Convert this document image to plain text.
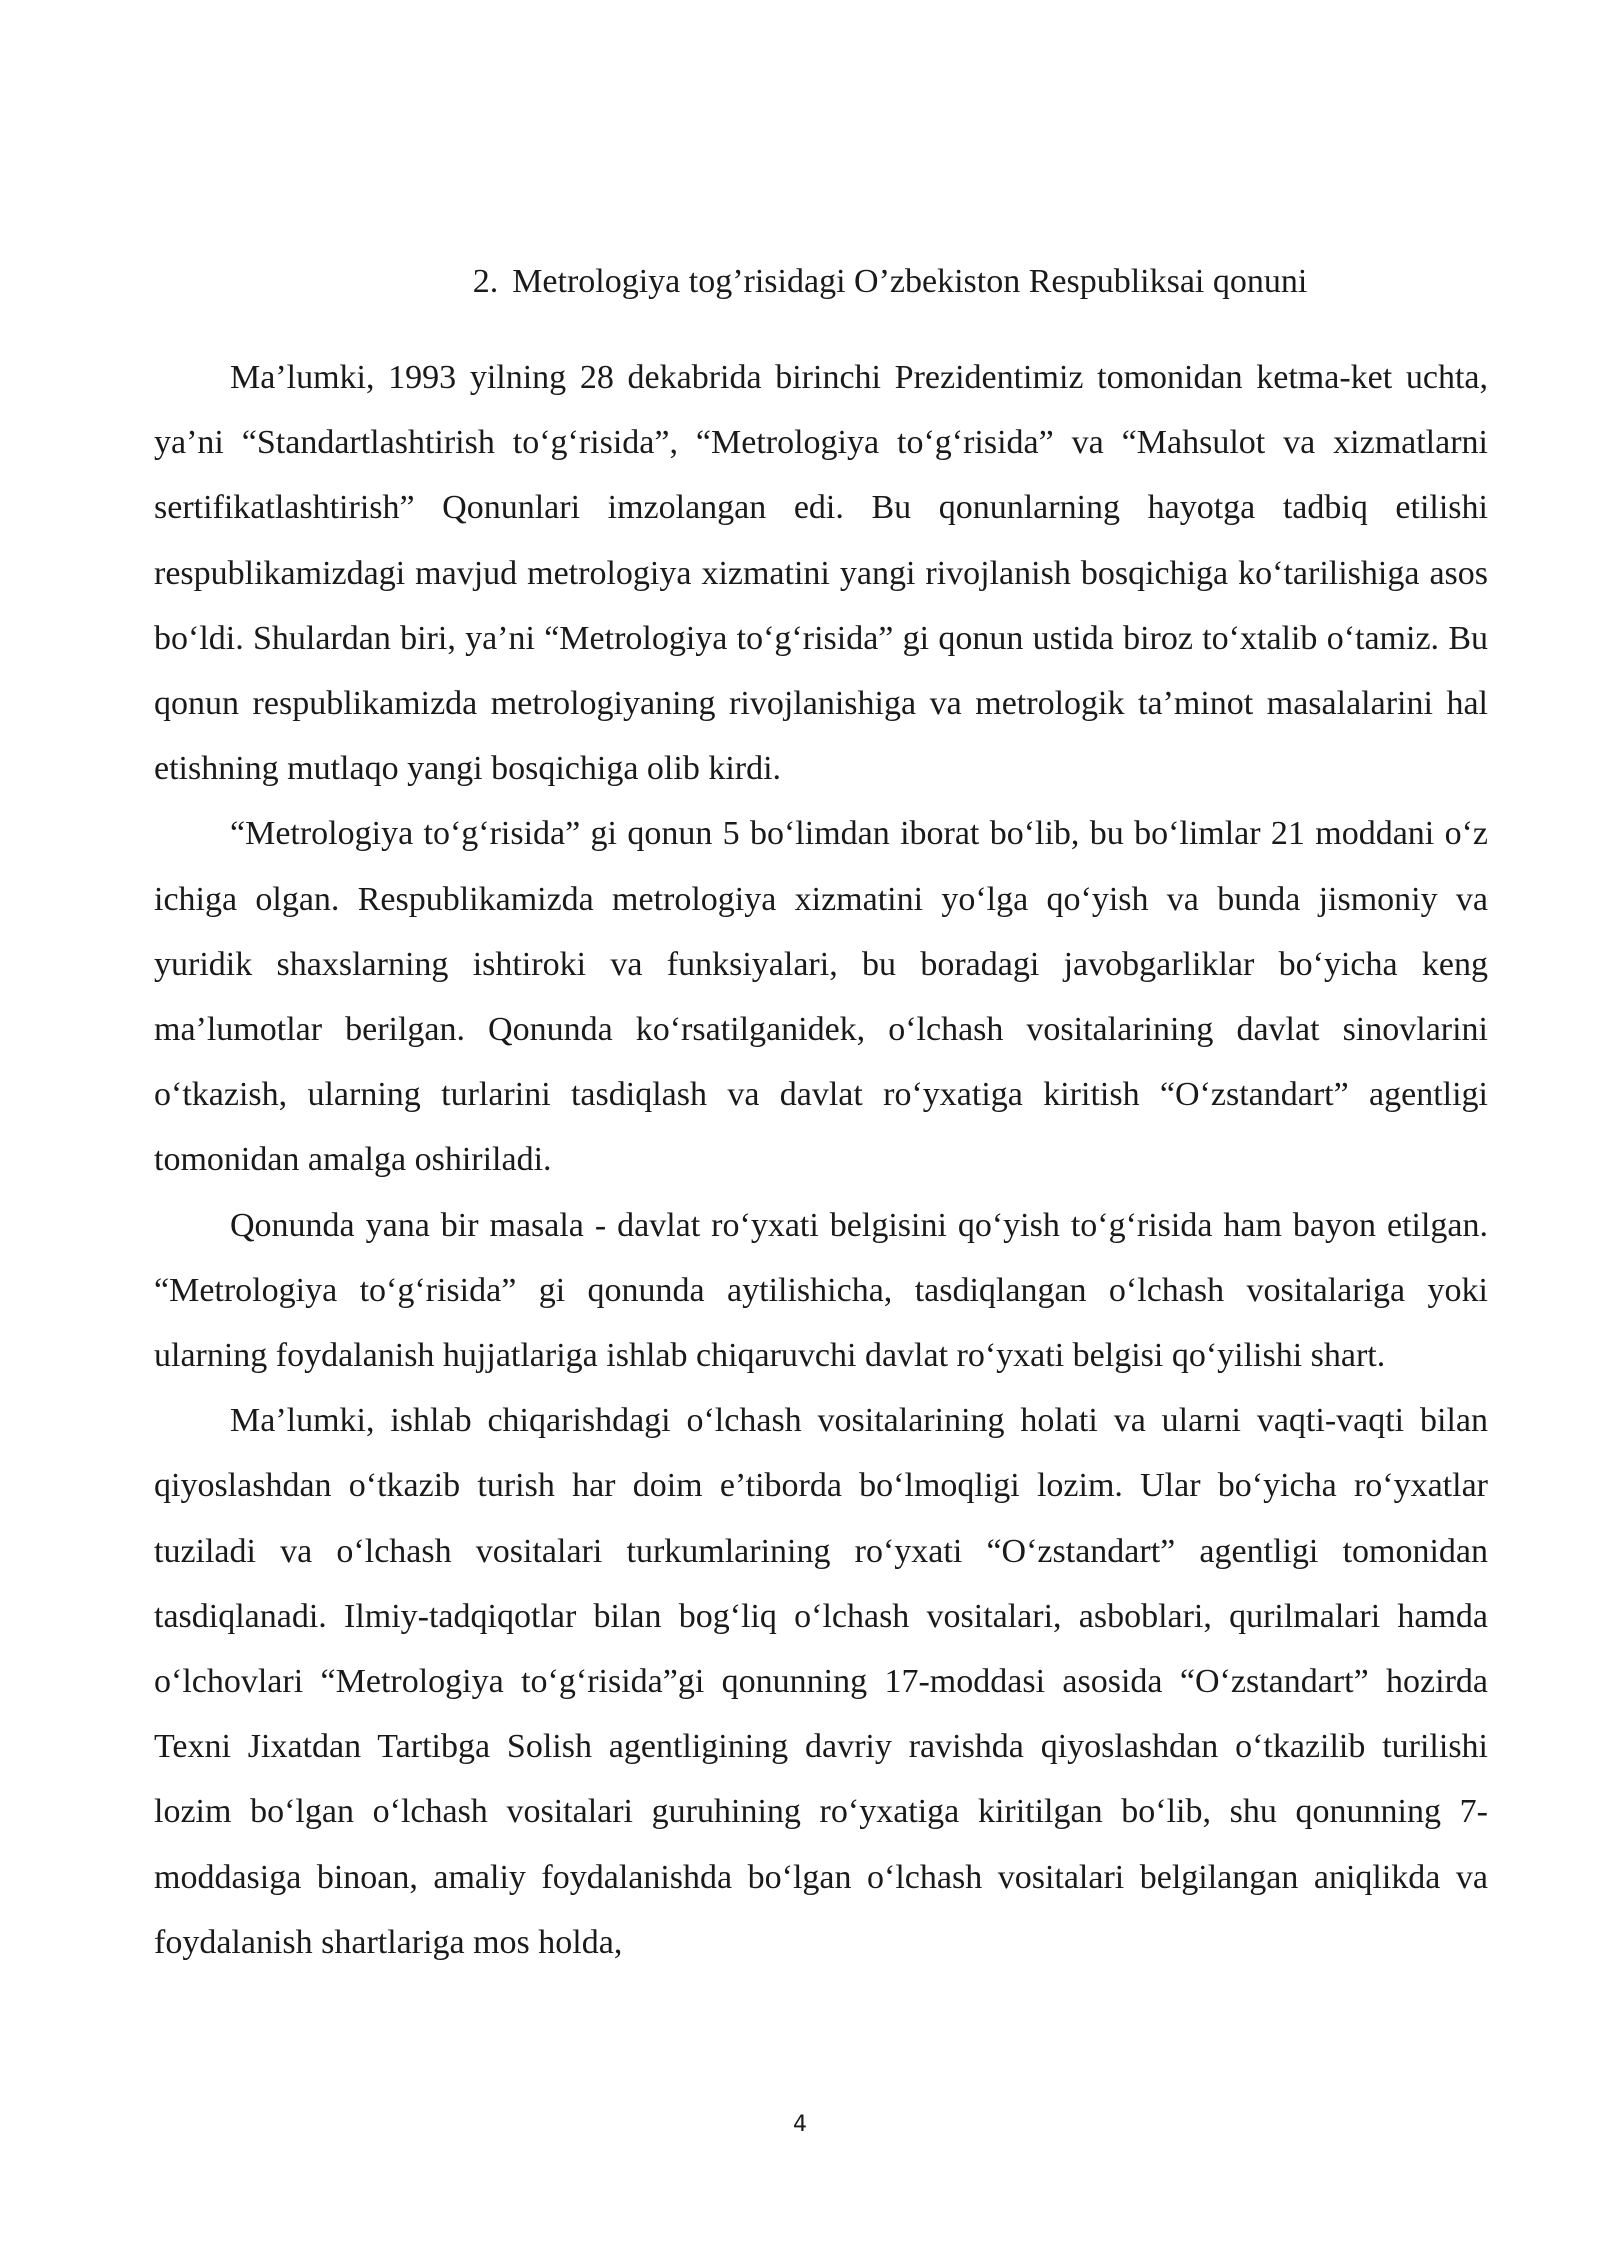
2. Metrologiya tog’risidagi O’zbekiston Respubliksai qonuni

Ma’lumki, 1993 yilning 28 dekabrida birinchi Prezidentimiz tomonidan ketma-ket uchta, ya’ni “Standartlashtirish to‘g‘risida”, “Metrologiya to‘g‘risida” va “Mahsulot va xizmatlarni sertifikatlashtirish” Qonunlari imzolangan edi. Bu qonunlarning hayotga tadbiq etilishi respublikamizdagi mavjud metrologiya xizmatini yangi rivojlanish bosqichiga ko‘tarilishiga asos bo‘ldi. Shulardan biri, ya’ni “Metrologiya to‘g‘risida” gi qonun ustida biroz to‘xtalib o‘tamiz. Bu qonun respublikamizda metrologiyaning rivojlanishiga va metrologik ta’minot masalalarini hal etishning mutlaqo yangi bosqichiga olib kirdi.

“Metrologiya to‘g‘risida” gi qonun 5 bo‘limdan iborat bo‘lib, bu bo‘limlar 21 moddani o‘z ichiga olgan. Respublikamizda metrologiya xizmatini yo‘lga qo‘yish va bunda jismoniy va yuridik shaxslarning ishtiroki va funksiyalari, bu boradagi javobgarliklar bo‘yicha keng ma’lumotlar berilgan. Qonunda ko‘rsatilganidek, o‘lchash vositalarining davlat sinovlarini o‘tkazish, ularning turlarini tasdiqlash va davlat ro‘yxatiga kiritish “O‘zstandart” agentligi tomonidan amalga oshiriladi.

Qonunda yana bir masala - davlat ro‘yxati belgisini qo‘yish to‘g‘risida ham bayon etilgan. “Metrologiya to‘g‘risida” gi qonunda aytilishicha, tasdiqlangan o‘lchash vositalariga yoki ularning foydalanish hujjatlariga ishlab chiqaruvchi davlat ro‘yxati belgisi qo‘yilishi shart.

Ma’lumki, ishlab chiqarishdagi o‘lchash vositalarining holati va ularni vaqti-vaqti bilan qiyoslashdan o‘tkazib turish har doim e’tiborda bo‘lmoqligi lozim. Ular bo‘yicha ro‘yxatlar tuziladi va o‘lchash vositalari turkumlarining ro‘yxati “O‘zstandart” agentligi tomonidan tasdiqlanadi. Ilmiy-tadqiqotlar bilan bog‘liq o‘lchash vositalari, asboblari, qurilmalari hamda o‘lchovlari “Metrologiya to‘g‘risida”gi qonunning 17-moddasi asosida “O‘zstandart” hozirda Texni Jixatdan Tartibga Solish agentligining davriy ravishda qiyoslashdan o‘tkazilib turilishi lozim bo‘lgan o‘lchash vositalari guruhining ro‘yxatiga kiritilgan bo‘lib, shu qonunning 7-moddasiga binoan, amaliy foydalanishda bo‘lgan o‘lchash vositalari belgilangan aniqlikda va foydalanish shartlariga mos holda,

4
